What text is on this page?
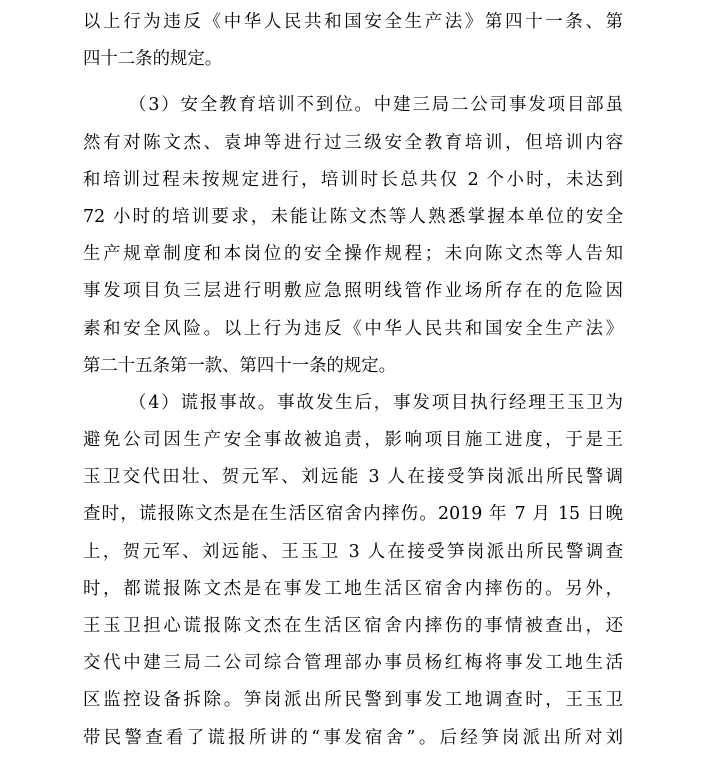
以上行为违反《中华人民共和国安全生产法》第四十一条、第
四十二条的规定。
（3）安全教育培训不到位。中建三局二公司事发项目部虽
然有对陈文杰、袁坤等进行过三级安全教育培训，但培训内容
和培训过程未按规定进行，培训时长总共仅 2 个小时，未达到
72 小时的培训要求，未能让陈文杰等人熟悉掌握本单位的安全
生产规章制度和本岗位的安全操作规程；未向陈文杰等人告知
事发项目负三层进行明敷应急照明线管作业场所存在的危险因
素和安全风险。以上行为违反《中华人民共和国安全生产法》
第二十五条第一款、第四十一条的规定。
（4）谎报事故。事故发生后，事发项目执行经理王玉卫为
避免公司因生产安全事故被追责，影响项目施工进度，于是王
玉卫交代田壮、贺元军、刘远能 3 人在接受笋岗派出所民警调
查时，谎报陈文杰是在生活区宿舍内摔伤。2019 年 7 月 15 日晚
上，贺元军、刘远能、王玉卫 3 人在接受笋岗派出所民警调查
时，都谎报陈文杰是在事发工地生活区宿舍内摔伤的。另外，
王玉卫担心谎报陈文杰在生活区宿舍内摔伤的事情被查出，还
交代中建三局二公司综合管理部办事员杨红梅将事发工地生活
区监控设备拆除。笋岗派出所民警到事发工地调查时，王玉卫
带民警查看了谎报所讲的“事发宿舍”。后经笋岗派出所对刘
